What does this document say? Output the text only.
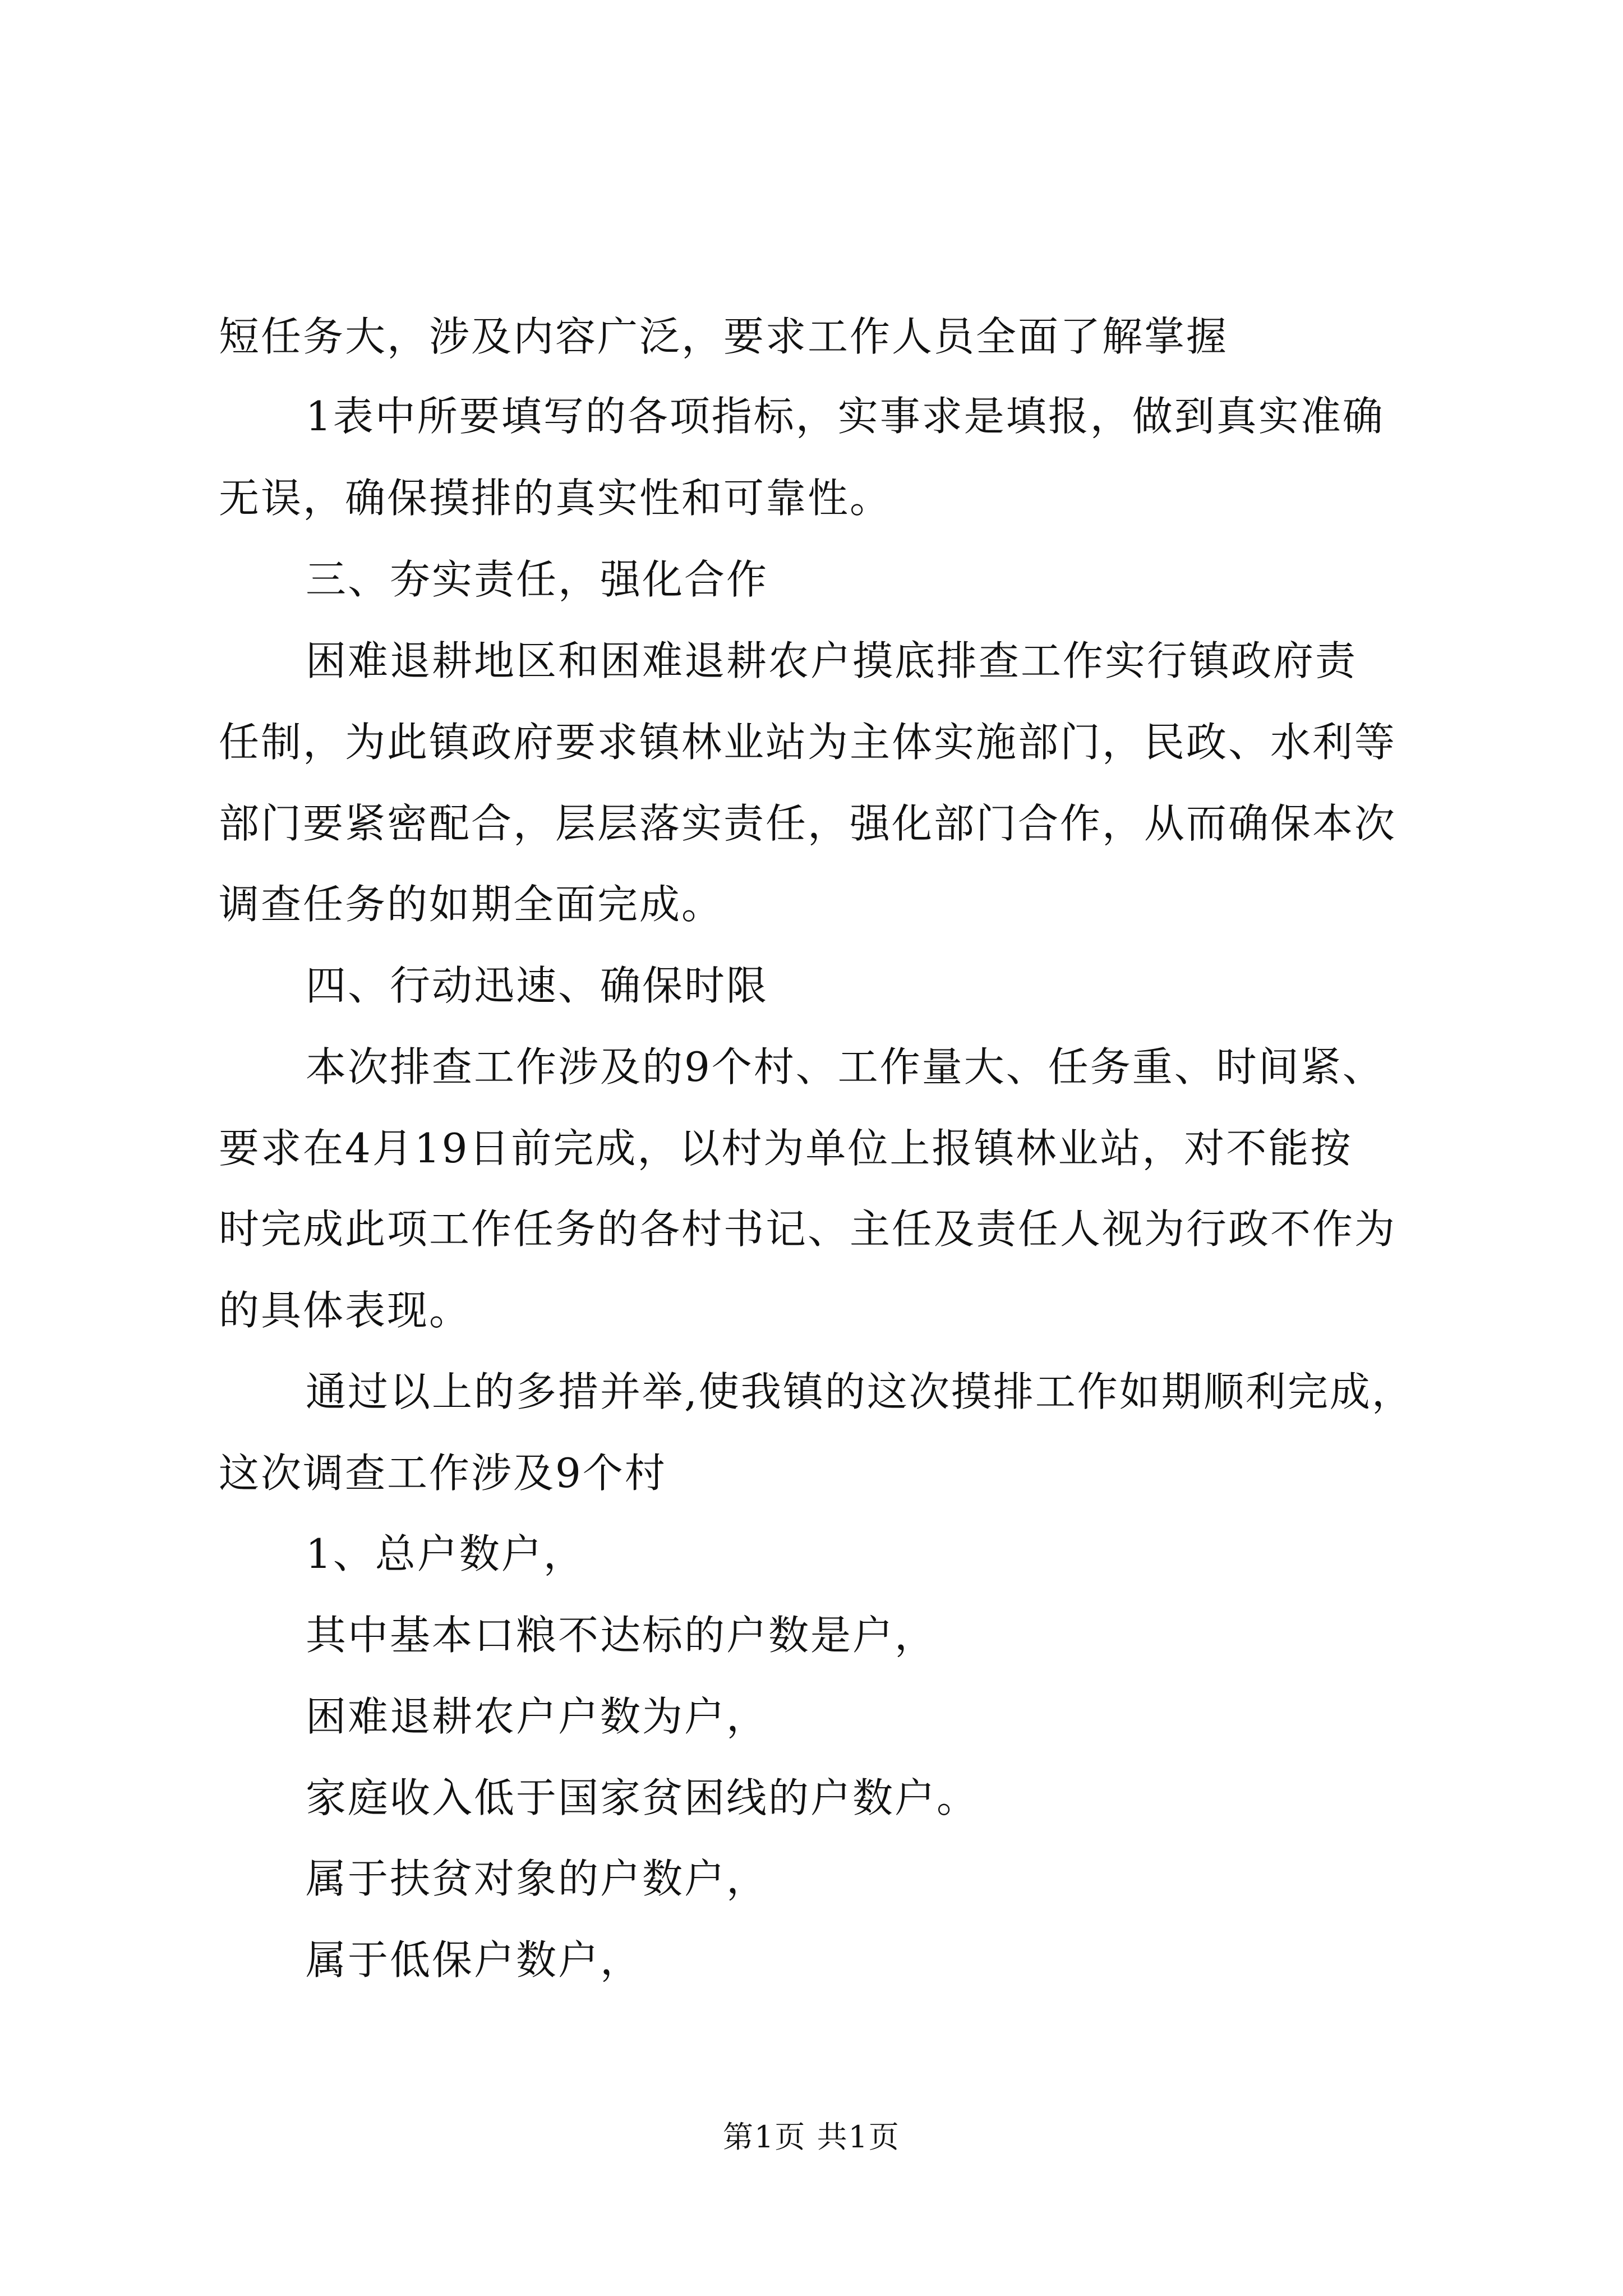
短任务大，涉及内容广泛，要求工作人员全面了解掌握
1表中所要填写的各项指标，实事求是填报，做到真实准确
无误，确保摸排的真实性和可靠性。
三、夯实责任，强化合作
困难退耕地区和困难退耕农户摸底排查工作实行镇政府责
任制，为此镇政府要求镇林业站为主体实施部门，民政、水利等
部门要紧密配合，层层落实责任，强化部门合作，从而确保本次
调查任务的如期全面完成。
四、行动迅速、确保时限
本次排查工作涉及的9个村、工作量大、任务重、时间紧、
要求在4月19日前完成，以村为单位上报镇林业站，对不能按
时完成此项工作任务的各村书记、主任及责任人视为行政不作为
的具体表现。
通过以上的多措并举,使我镇的这次摸排工作如期顺利完成，
这次调查工作涉及9个村
1、总户数户，
其中基本口粮不达标的户数是户，
困难退耕农户户数为户，
家庭收入低于国家贫困线的户数户。
属于扶贫对象的户数户，
属于低保户数户，
第1页 共1页
